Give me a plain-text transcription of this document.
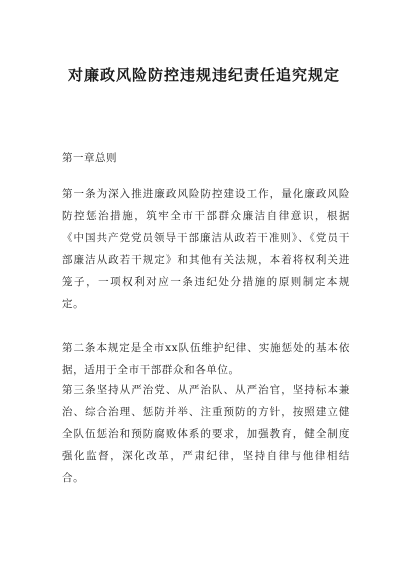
对廉政风险防控违规违纪责任追究规定

第一章总则

第一条为深入推进廉政风险防控建设工作，量化廉政风险防控惩治措施，筑牢全市干部群众廉洁自律意识，根据《中国共产党党员领导干部廉洁从政若干准则》、《党员干部廉洁从政若干规定》和其他有关法规，本着将权利关进笼子，一项权利对应一条违纪处分措施的原则制定本规定。

第二条本规定是全市xx队伍维护纪律、实施惩处的基本依据，适用于全市干部群众和各单位。

第三条坚持从严治党、从严治队、从严治官，坚持标本兼治、综合治理、惩防并举、注重预防的方针，按照建立健全队伍惩治和预防腐败体系的要求，加强教育，健全制度强化监督，深化改革，严肃纪律，坚持自律与他律相结合。
